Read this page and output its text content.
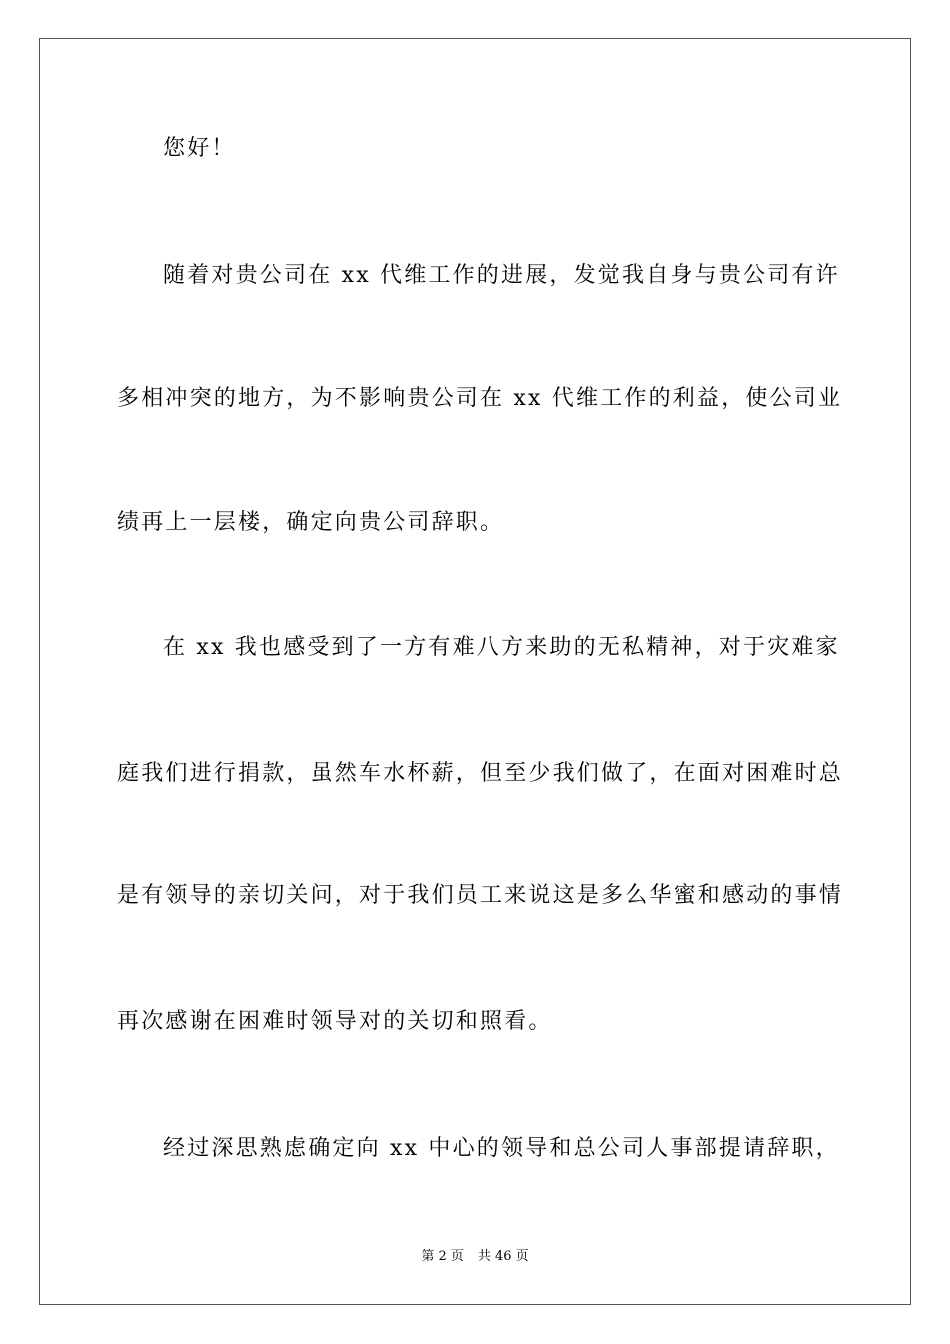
您好！
随着对贵公司在 xx 代维工作的进展，发觉我自身与贵公司有许
多相冲突的地方，为不影响贵公司在 xx 代维工作的利益，使公司业
绩再上一层楼，确定向贵公司辞职。
在 xx 我也感受到了一方有难八方来助的无私精神，对于灾难家
庭我们进行捐款，虽然车水杯薪，但至少我们做了，在面对困难时总
是有领导的亲切关问，对于我们员工来说这是多么华蜜和感动的事情
再次感谢在困难时领导对的关切和照看。
经过深思熟虑确定向 xx 中心的领导和总公司人事部提请辞职，
第 2 页 共 46 页
